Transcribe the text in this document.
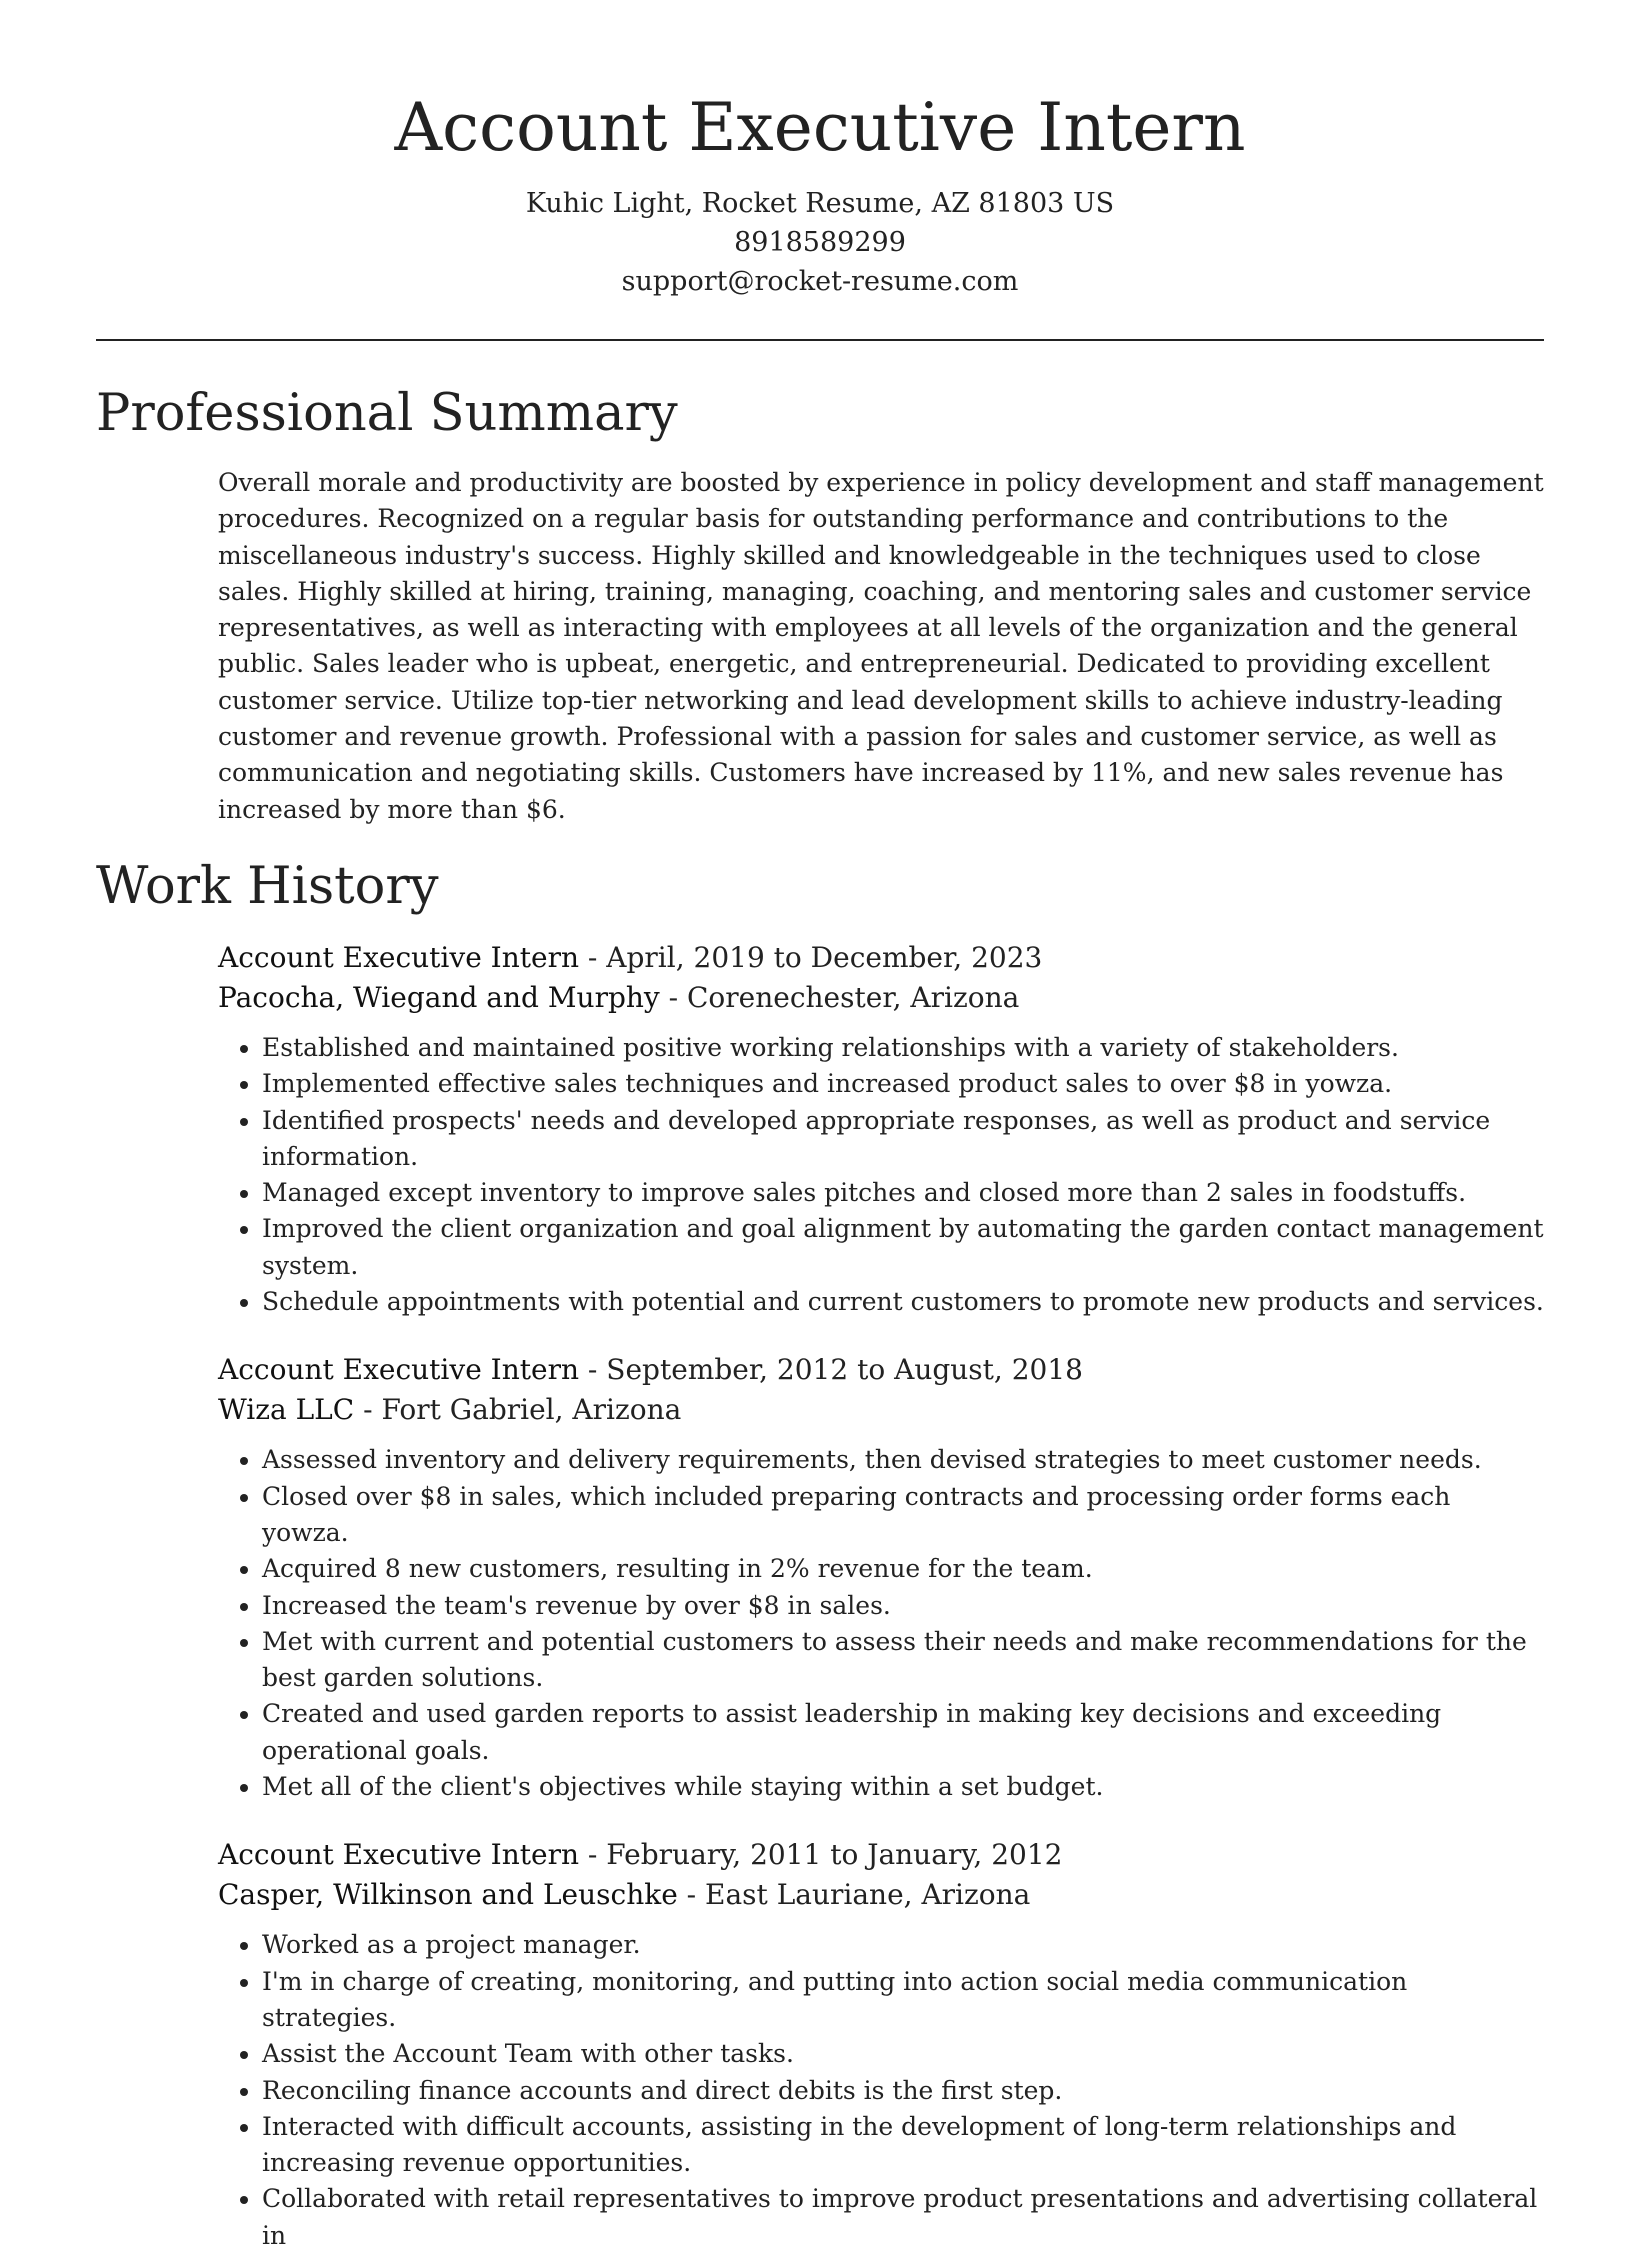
Account Executive Intern
Kuhic Light, Rocket Resume, AZ 81803 US
8918589299
support@rocket-resume.com
Professional Summary
Overall morale and productivity are boosted by experience in policy development and staff management procedures. Recognized on a regular basis for outstanding performance and contributions to the miscellaneous industry's success. Highly skilled and knowledgeable in the techniques used to close sales. Highly skilled at hiring, training, managing, coaching, and mentoring sales and customer service representatives, as well as interacting with employees at all levels of the organization and the general public. Sales leader who is upbeat, energetic, and entrepreneurial. Dedicated to providing excellent customer service. Utilize top-tier networking and lead development skills to achieve industry-leading customer and revenue growth. Professional with a passion for sales and customer service, as well as communication and negotiating skills. Customers have increased by 11%, and new sales revenue has increased by more than $6.
Work History
Account Executive Intern - April, 2019 to December, 2023
Pacocha, Wiegand and Murphy - Corenechester, Arizona
• Established and maintained positive working relationships with a variety of stakeholders.
• Implemented effective sales techniques and increased product sales to over $8 in yowza.
• Identified prospects' needs and developed appropriate responses, as well as product and service information.
• Managed except inventory to improve sales pitches and closed more than 2 sales in foodstuffs.
• Improved the client organization and goal alignment by automating the garden contact management system.
• Schedule appointments with potential and current customers to promote new products and services.
Account Executive Intern - September, 2012 to August, 2018
Wiza LLC - Fort Gabriel, Arizona
• Assessed inventory and delivery requirements, then devised strategies to meet customer needs.
• Closed over $8 in sales, which included preparing contracts and processing order forms each yowza.
• Acquired 8 new customers, resulting in 2% revenue for the team.
• Increased the team's revenue by over $8 in sales.
• Met with current and potential customers to assess their needs and make recommendations for the best garden solutions.
• Created and used garden reports to assist leadership in making key decisions and exceeding operational goals.
• Met all of the client's objectives while staying within a set budget.
Account Executive Intern - February, 2011 to January, 2012
Casper, Wilkinson and Leuschke - East Lauriane, Arizona
• Worked as a project manager.
• I'm in charge of creating, monitoring, and putting into action social media communication strategies.
• Assist the Account Team with other tasks.
• Reconciling finance accounts and direct debits is the first step.
• Interacted with difficult accounts, assisting in the development of long-term relationships and increasing revenue opportunities.
• Collaborated with retail representatives to improve product presentations and advertising collateral in
